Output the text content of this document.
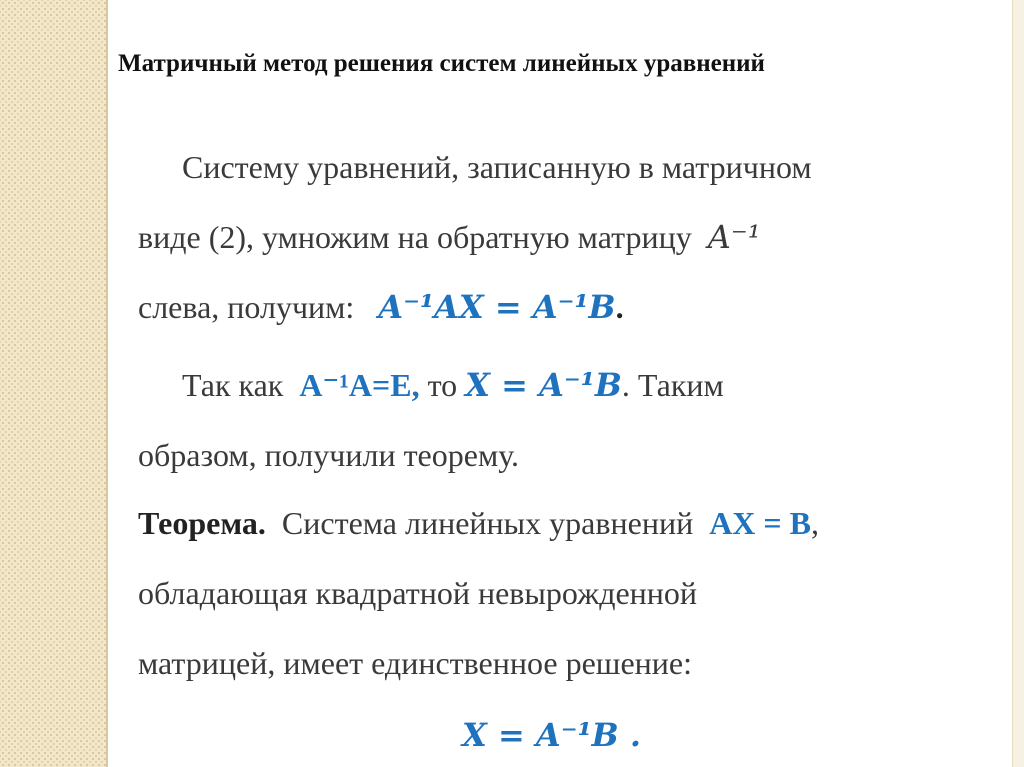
Матричный метод решения систем линейных уравнений
Систему уравнений, записанную в матричном
виде (2), умножим на обратную матрицу A⁻¹
слева, получим: A⁻¹AX = A⁻¹B.
Так как A⁻¹A=E, то X = A⁻¹B. Таким
образом, получили теорему.
Теорема. Система линейных уравнений AX = B,
обладающая квадратной невырожденной
матрицей, имеет единственное решение:
X = A⁻¹B .
